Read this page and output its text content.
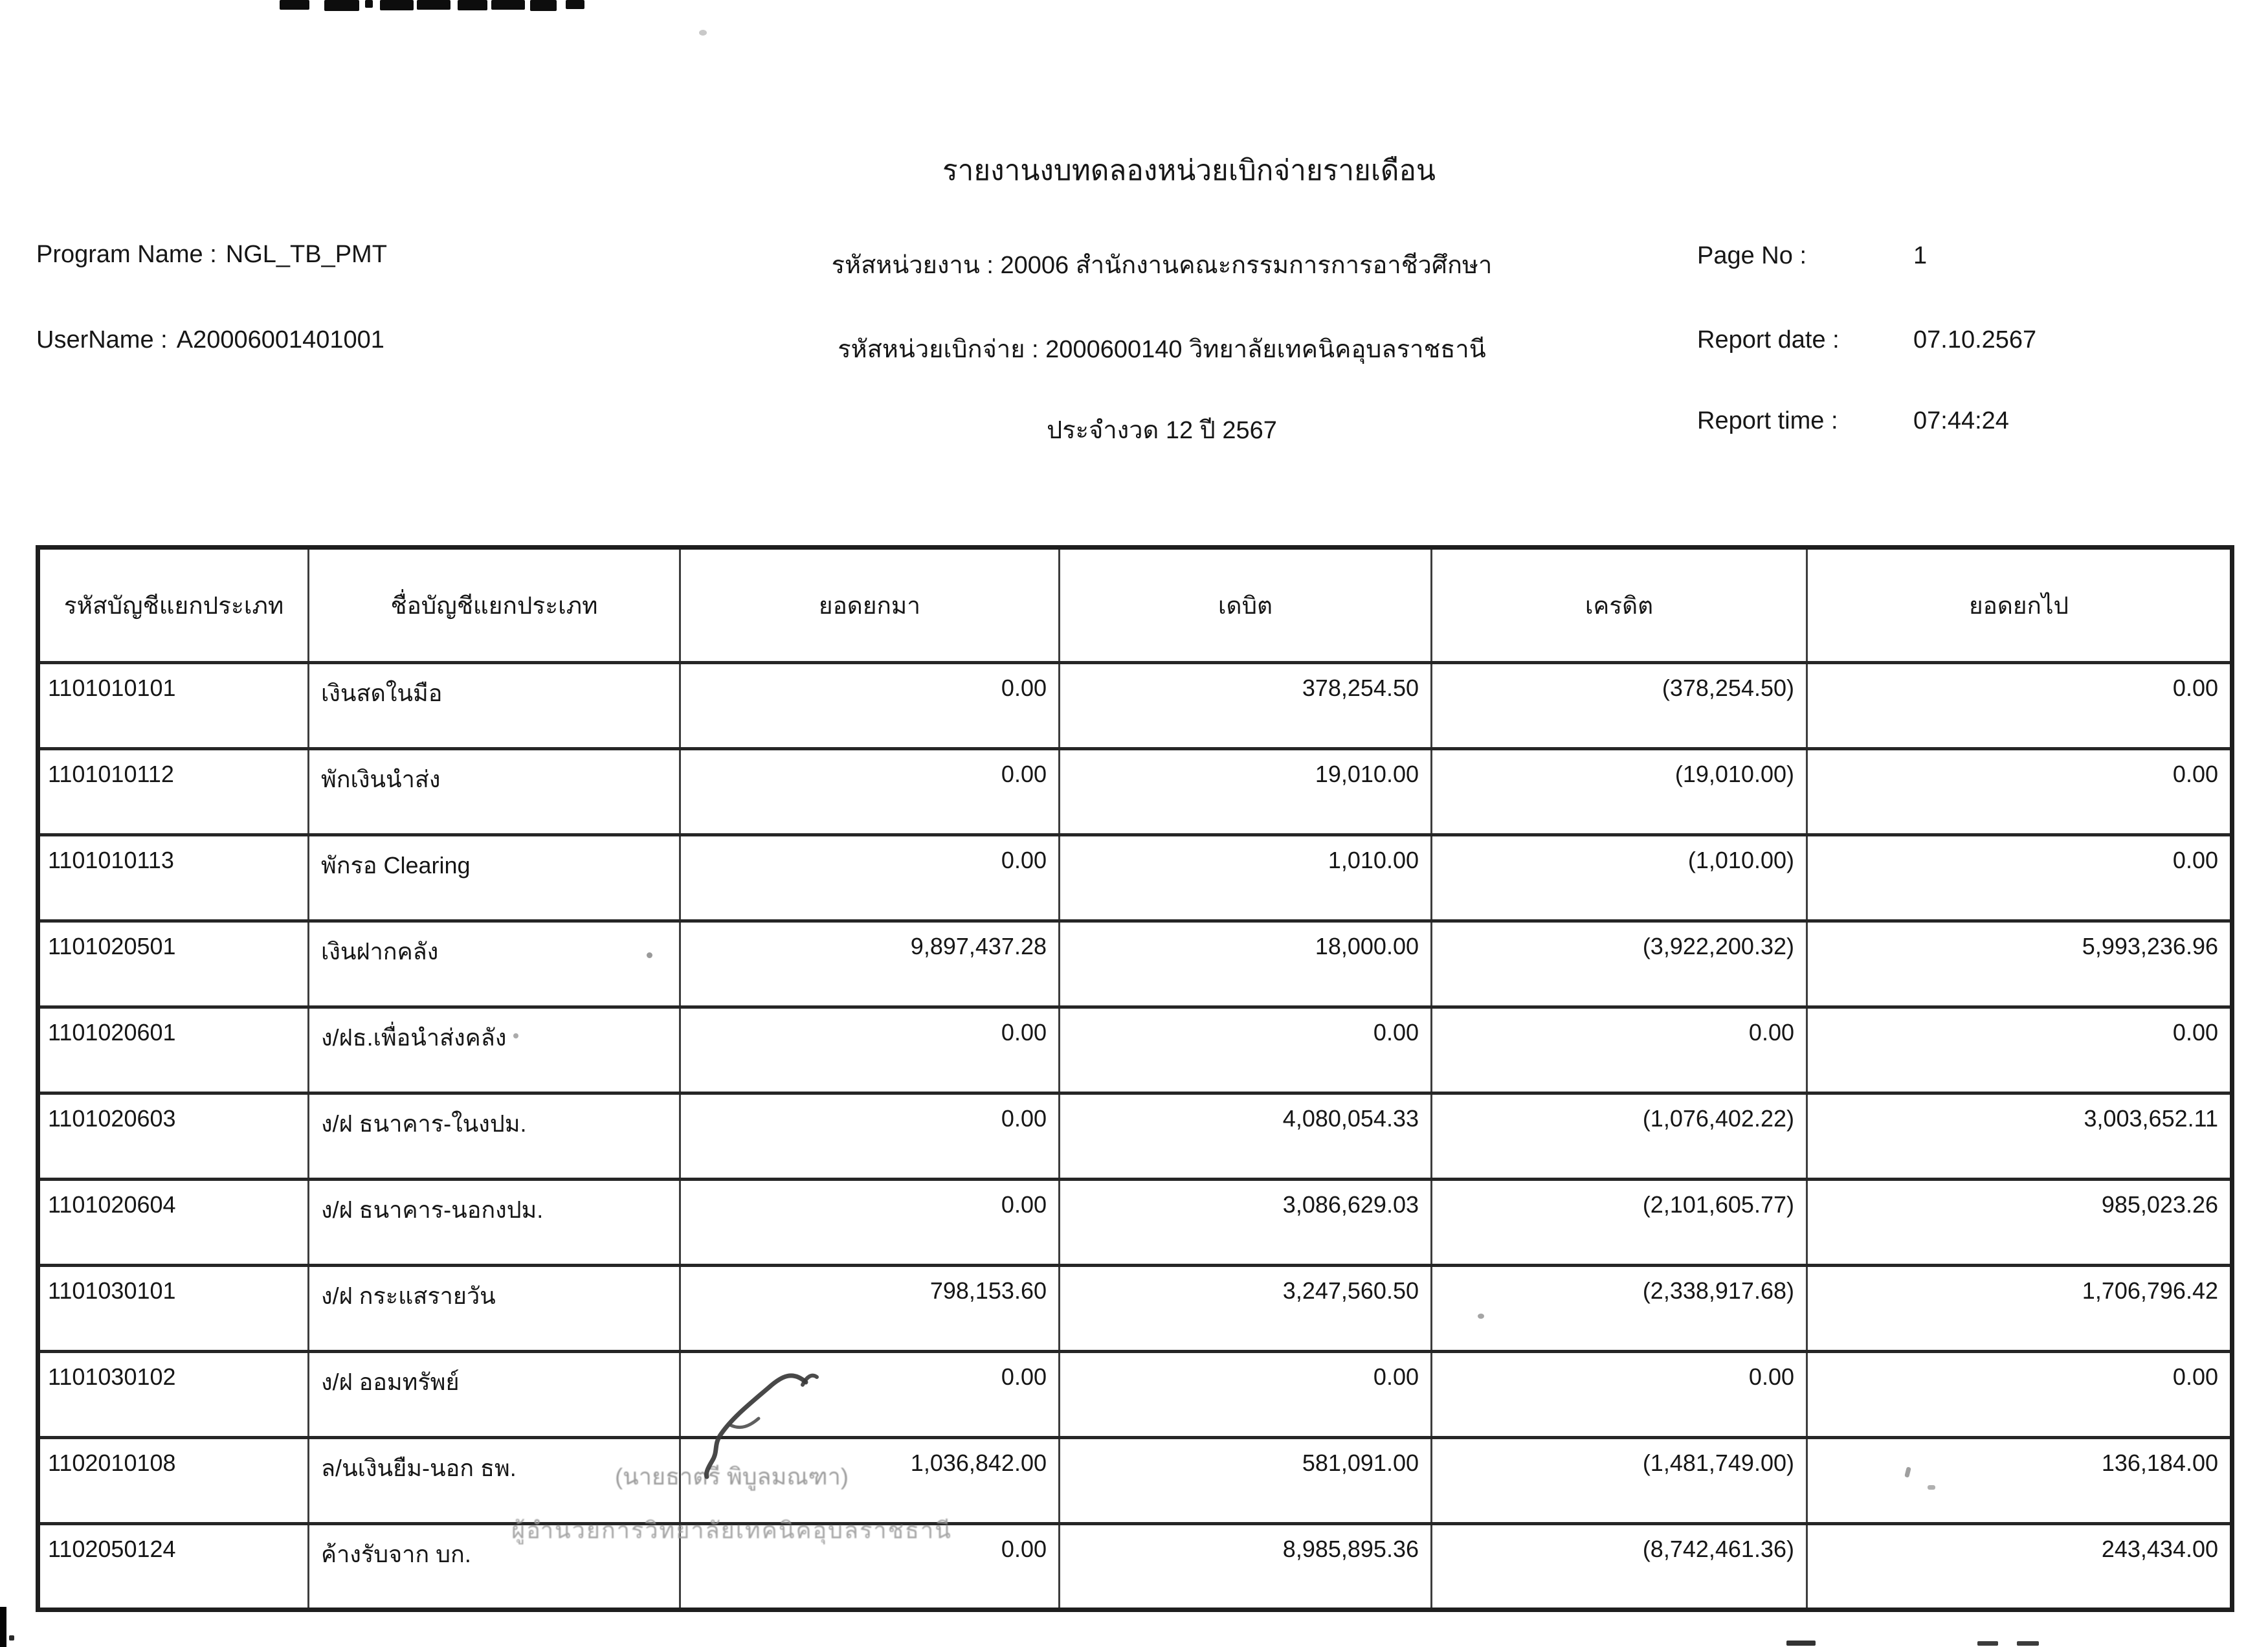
รายงานงบทดลองหน่วยเบิกจ่ายรายเดือน
Program Name : NGL_TB_PMT
UserName : A20006001401001
รหัสหน่วยงาน : 20006 สำนักงานคณะกรรมการการอาชีวศึกษา
รหัสหน่วยเบิกจ่าย : 2000600140 วิทยาลัยเทคนิคอุบลราชธานี
ประจำงวด 12 ปี 2567
Page No :	1
Report date :	07.10.2567
Report time :	07:44:24
รหัสบัญชีแยกประเภท	ชื่อบัญชีแยกประเภท	ยอดยกมา	เดบิต	เครดิต	ยอดยกไป
1101010101	เงินสดในมือ	0.00	378,254.50	(378,254.50)	0.00
1101010112	พักเงินนำส่ง	0.00	19,010.00	(19,010.00)	0.00
1101010113	พักรอ Clearing	0.00	1,010.00	(1,010.00)	0.00
1101020501	เงินฝากคลัง	9,897,437.28	18,000.00	(3,922,200.32)	5,993,236.96
1101020601	ง/ฝธ.เพื่อนำส่งคลัง	0.00	0.00	0.00	0.00
1101020603	ง/ฝ ธนาคาร-ในงปม.	0.00	4,080,054.33	(1,076,402.22)	3,003,652.11
1101020604	ง/ฝ ธนาคาร-นอกงปม.	0.00	3,086,629.03	(2,101,605.77)	985,023.26
1101030101	ง/ฝ กระแสรายวัน	798,153.60	3,247,560.50	(2,338,917.68)	1,706,796.42
1101030102	ง/ฝ ออมทรัพย์	0.00	0.00	0.00	0.00
1102010108	ล/นเงินยืม-นอก ธพ.	1,036,842.00	581,091.00	(1,481,749.00)	136,184.00
1102050124	ค้างรับจาก บก.	0.00	8,985,895.36	(8,742,461.36)	243,434.00
(นายธาตรี พิบูลมณฑา)
ผู้อำนวยการวิทยาลัยเทคนิคอุบลราชธานี
